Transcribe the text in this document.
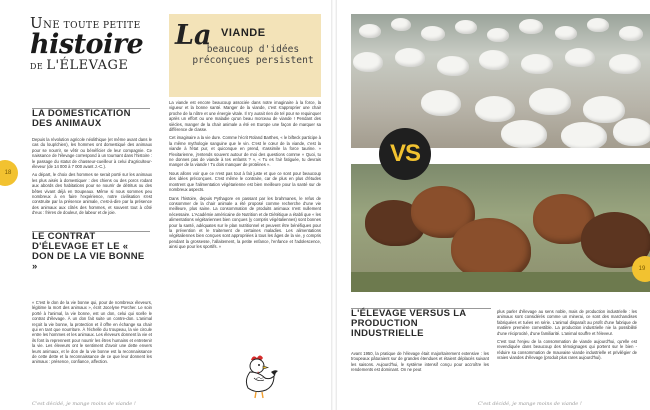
18
UNE TOUTE PETITE
histoire
DE L'ÉLEVAGE
LA DOMESTICATION DES ANIMAUX

Depuis la révolution agricole néolithique (et même avant dans le cas du loup/chien), les hommes ont domestiqué des animaux pour se nourrir, se vêtir ou bénéficier de leur compagnie. Ce naissance de l'élevage correspond à un tournant dans l'histoire : le passage du statut de chasseur-cueilleur à celui d'agriculteur-éleveur (de 14 000 à 7 000 avant J.-C.).

Au départ, le choix des hommes se serait porté sur les animaux les plus aisés à domestiquer : des chiens ou des porcs rodant aux abords des habitations pour se nourrir de détritus ou des bêtes vivant déjà en troupeaux. Même si nous sommes peu nombreux à en faire l'expérience, notre civilisation s'est construite par la présence animale, c'est-à-dire par la présence des animaux aux côtés des hommes, et souvent tout à côté d'eux : frères de douleur, de labeur et de joie.

LE CONTRAT D'ÉLEVAGE ET LE « DON DE LA VIE BONNE »

« C'est le don de la vie bonne qui, pour de nombreux éleveurs, légitime la mort des animaux », écrit Jocelyne Porcher. Le soin porté à l'animal, la vie bonne, est un don, celui qui scelle le contrat d'élevage. À un don fait suite un contre-don. L'animal reçoit la vie bonne, la protection et il offre en échange sa chair qui en tant que nourriture. À l'échelle du troupeau, la vie circule entre les hommes et les animaux. Les éleveurs donnent la vie et ils font la reprennent pour nourrir les êtres humains et entretenir la vie. Les éleveurs ont le sentiment d'avoir une dette envers leurs animaux, et le don de la vie bonne est la reconnaissance de cette dette et la reconnaissance de ce que leur donnent les animaux : présence, confiance, affection.

La VIANDE
beaucoup d'idées préconçues persistent

La viande est encore beaucoup associée dans notre imaginaire à la force, la vigueur et la bonne santé. Manger de la viande, c'est s'approprier une chair proche de la nôtre et une énergie vitale. Il n'y aurait rien de tel pour se requinquer après un effort ou une maladie qu'un beau morceau de viande ! Pendant des siècles, manger de la chair animale a été en Europe une façon de marquer sa différence de classe.

Cet imaginaire a la vie dure. Comme l'écrit Roland Barthes, « le bifteck participe à la même mythologie sanguine que le vin. C'est le cœur de la viande, c'est la viande à l'état pur, et quiconque en prend, s'assimile la force taurine. » Flexitarienne, j'entends souvent autour de moi des questions comme « Quoi, tu ne donnes pas de viande à tes enfants ? », « Tu es l'air fatiguée, tu devrais manger de la viande ! Tu dois manquer de protéines ».

Nous allons voir que ce n'est pas tout à fait juste et que ce sont pour beaucoup des idées préconçues. C'est même le contraire, car de plus en plus d'études montrent que l'alimentation végétarienne est bien meilleure pour la santé sur de nombreux aspects.

Dans l'histoire, depuis Pythagore en passant par les brahmanes, le refus de consommer de la chair animale a été proposé comme recherche d'une vie meilleure, plus saine. La consommation de produits animaux n'est nullement nécessaire. L'Académie américaine de Nutrition et de Diététique a établi que « les alimentations végétariennes bien conçues (y compris végétaliennes) sont bonnes pour la santé, adéquates sur le plan nutritionnel et peuvent être bénéfiques pour la prévention et le traitement de certaines maladies. Les alimentations végétaliennes bien conçues sont appropriées à tous les âges de la vie, y compris pendant la grossesse, l'allaitement, la petite enfance, l'enfance et l'adolescence, ainsi que pour les sportifs. »

C'est décidé, je mange moins de viande !
VS
L'ÉLEVAGE VERSUS LA PRODUCTION INDUSTRIELLE

Avant 1950, la pratique de l'élevage était majoritairement extensive : les troupeaux pâturaient sur de grandes étendues et étaient déplacés suivant les saisons. Aujourd'hui, le système intensif conçu pour accroître les rendements est dominant. On ne peut

plus parler d'élevage au sens noble, mais de production industrielle : les animaux sont considérés comme un minerai, ce sont des marchandises fabriquées et tuées en série. L'animal disparaît au profit d'une fabrique de matière première comestible. La production industrielle nie la possibilité d'une réciprocité, d'une familiarité. L'animal souffre et l'éleveur.

C'est tout l'enjeu de la consommation de viande aujourd'hui, qu'elle est revendiquée dans beaucoup des témoignages qui portent sur le bien - réduire sa consommation de mauvaise viande industrielle et privilégier de vraies viandes d'élevage (produit plus rares aujourd'hui).

19
C'est décidé, je mange moins de viande !
